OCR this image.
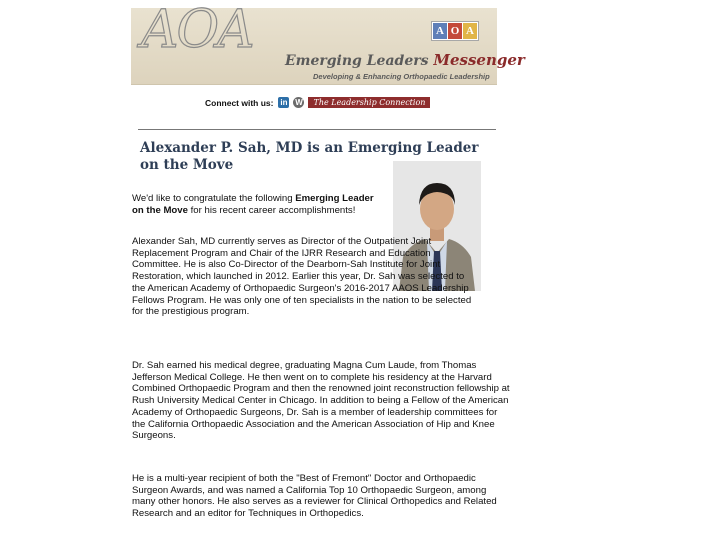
AOA
Emerging Leaders Messenger
Developing & Enhancing Orthopaedic Leadership
A O A
Connect with us: in W	The Leadership Connection
Alexander P. Sah, MD is an Emerging Leader on the Move
We'd like to congratulate the following Emerging Leader on the Move for his recent career accomplishments!
Alexander Sah, MD currently serves as Director of the Outpatient Joint Replacement Program and Chair of the IJRR Research and Education Committee. He is also Co-Director of the Dearborn-Sah Institute for Joint Restoration, which launched in 2012. Earlier this year, Dr. Sah was selected to the American Academy of Orthopaedic Surgeon's 2016-2017 AAOS Leadership Fellows Program. He was only one of ten specialists in the nation to be selected for the prestigious program.
Dr. Sah earned his medical degree, graduating Magna Cum Laude, from Thomas Jefferson Medical College. He then went on to complete his residency at the Harvard Combined Orthopaedic Program and then the renowned joint reconstruction fellowship at Rush University Medical Center in Chicago. In addition to being a Fellow of the American Academy of Orthopaedic Surgeons, Dr. Sah is a member of leadership committees for the California Orthopaedic Association and the American Association of Hip and Knee Surgeons.
He is a multi-year recipient of both the "Best of Fremont" Doctor and Orthopaedic Surgeon Awards, and was named a California Top 10 Orthopaedic Surgeon, among many other honors. He also serves as a reviewer for Clinical Orthopedics and Related Research and an editor for Techniques in Orthopedics.
